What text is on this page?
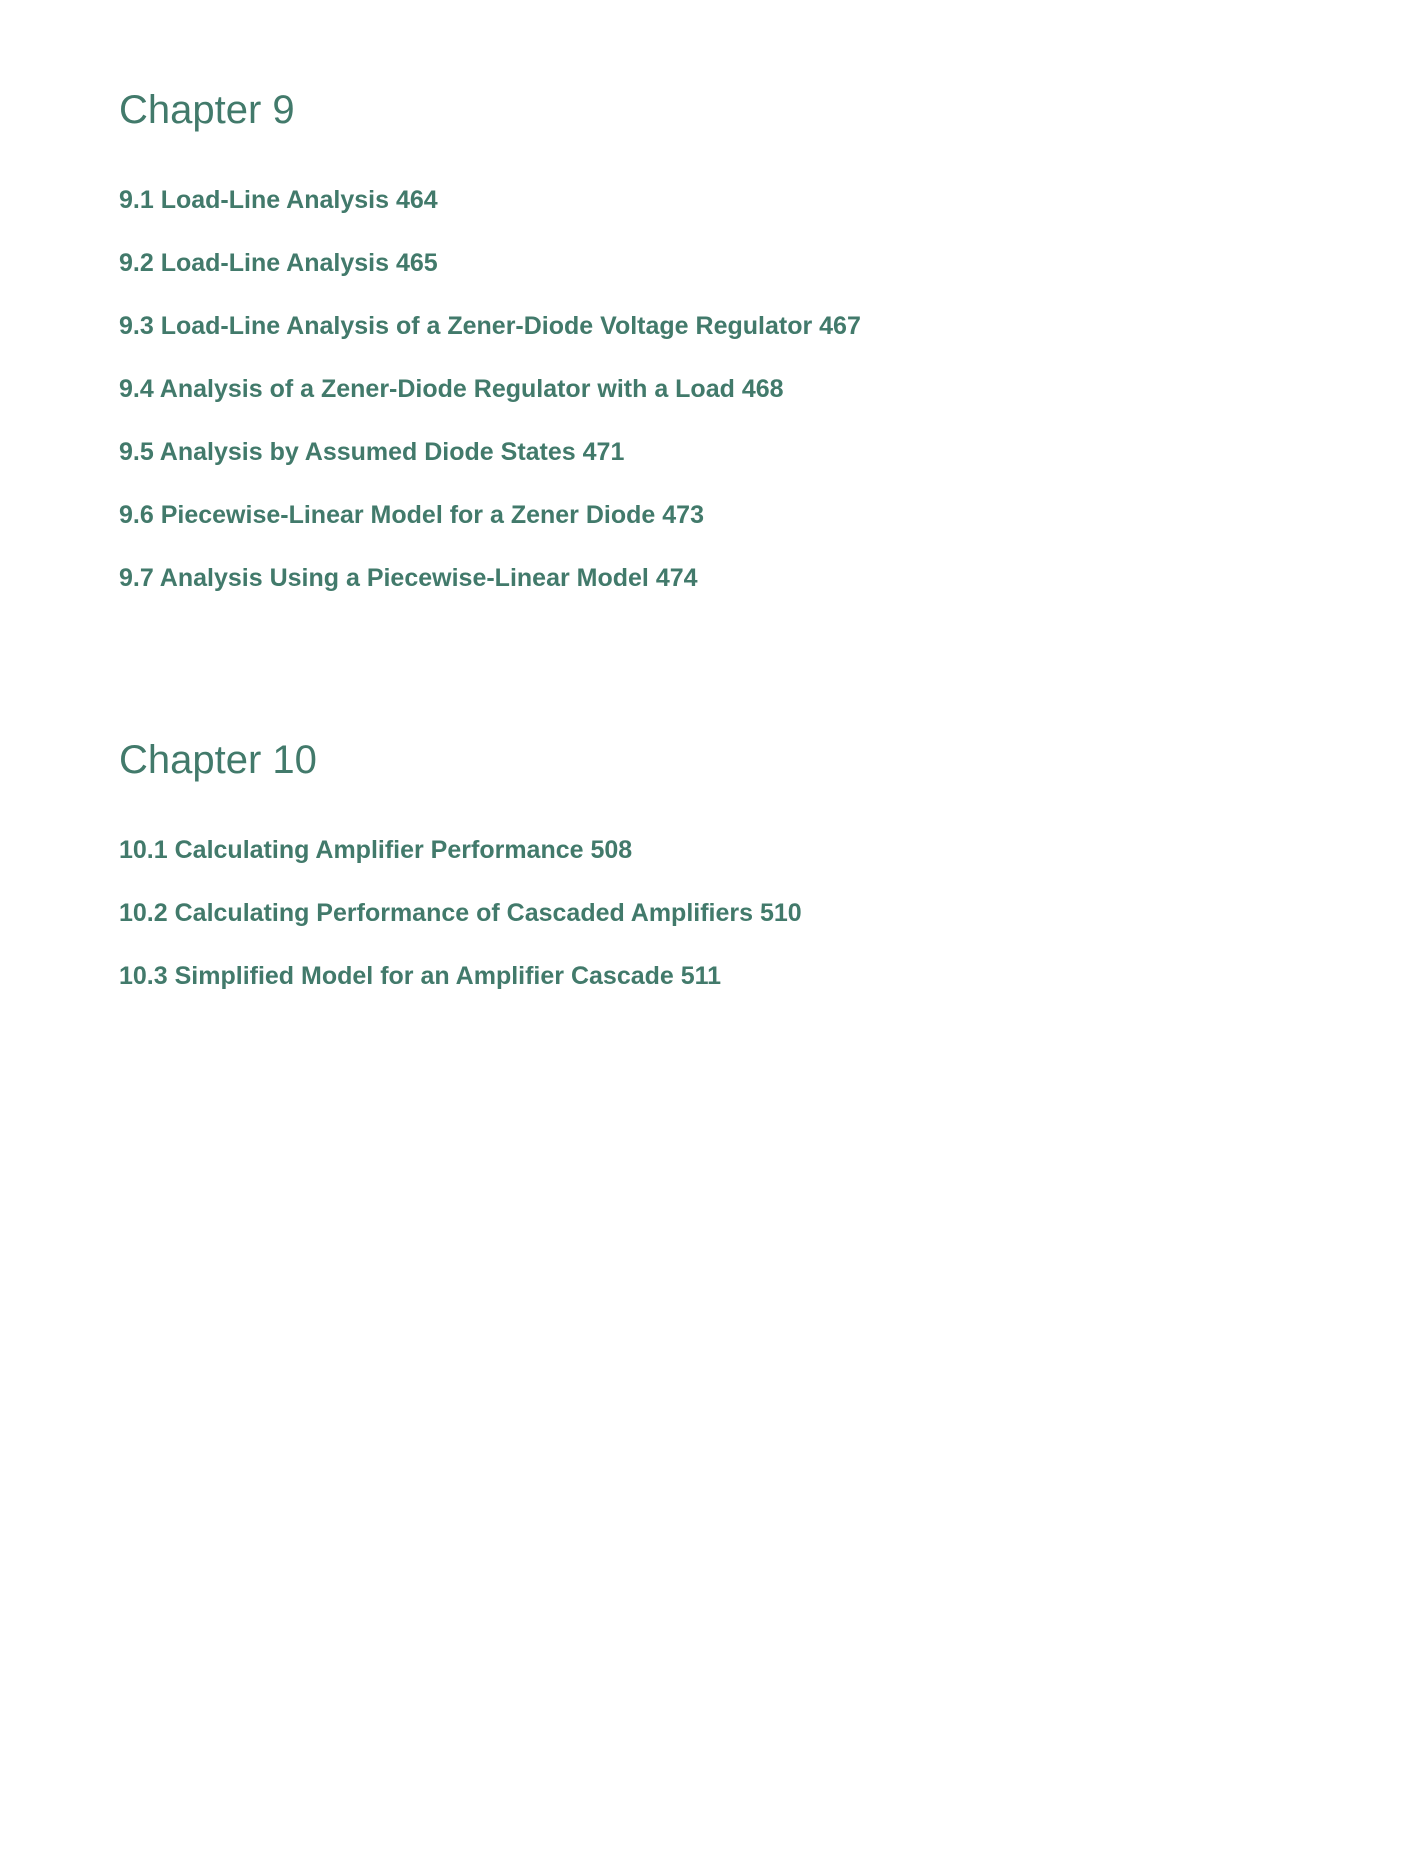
Chapter 9
9.1 Load-Line Analysis 464
9.2 Load-Line Analysis 465
9.3 Load-Line Analysis of a Zener-Diode Voltage Regulator 467
9.4 Analysis of a Zener-Diode Regulator with a Load 468
9.5 Analysis by Assumed Diode States 471
9.6 Piecewise-Linear Model for a Zener Diode 473
9.7 Analysis Using a Piecewise-Linear Model 474
Chapter 10
10.1 Calculating Amplifier Performance 508
10.2 Calculating Performance of Cascaded Amplifiers 510
10.3 Simplified Model for an Amplifier Cascade 511
